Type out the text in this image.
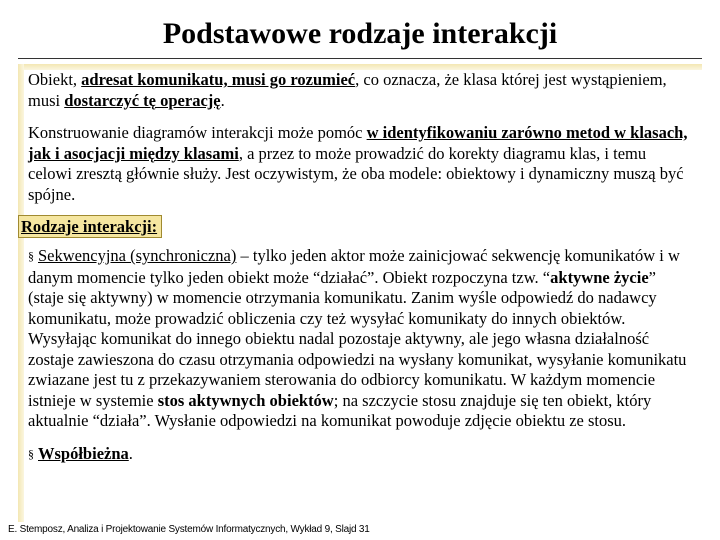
Podstawowe rodzaje interakcji

Obiekt, adresat komunikatu, musi go rozumieć, co oznacza, że klasa której jest wystąpieniem, musi dostarczyć tę operację.

Konstruowanie diagramów interakcji może pomóc w identyfikowaniu zarówno metod w klasach, jak i asocjacji między klasami, a przez to może prowadzić do korekty diagramu klas, i temu celowi zresztą głównie służy. Jest oczywistym, że oba modele: obiektowy i dynamiczny muszą być spójne.

Rodzaje interakcji:

§ Sekwencyjna (synchroniczna) – tylko jeden aktor może zainicjować sekwencję komunikatów i w danym momencie tylko jeden obiekt może “działać”. Obiekt rozpoczyna tzw. “aktywne życie” (staje się aktywny) w momencie otrzymania komunikatu. Zanim wyśle odpowiedź do nadawcy komunikatu, może prowadzić obliczenia czy też wysyłać komunikaty do innych obiektów. Wysyłając komunikat do innego obiektu nadal pozostaje aktywny, ale jego własna działalność zostaje zawieszona do czasu otrzymania odpowiedzi na wysłany komunikat, wysyłanie komunikatu zwiazane jest tu z przekazywaniem sterowania do odbiorcy komunikatu. W każdym momencie istnieje w systemie stos aktywnych obiektów; na szczycie stosu znajduje się ten obiekt, który aktualnie “działa”. Wysłanie odpowiedzi na komunikat powoduje zdjęcie obiektu ze stosu.

§ Współbieżna.

E. Stemposz, Analiza i Projektowanie Systemów Informatycznych, Wykład 9, Slajd 31
